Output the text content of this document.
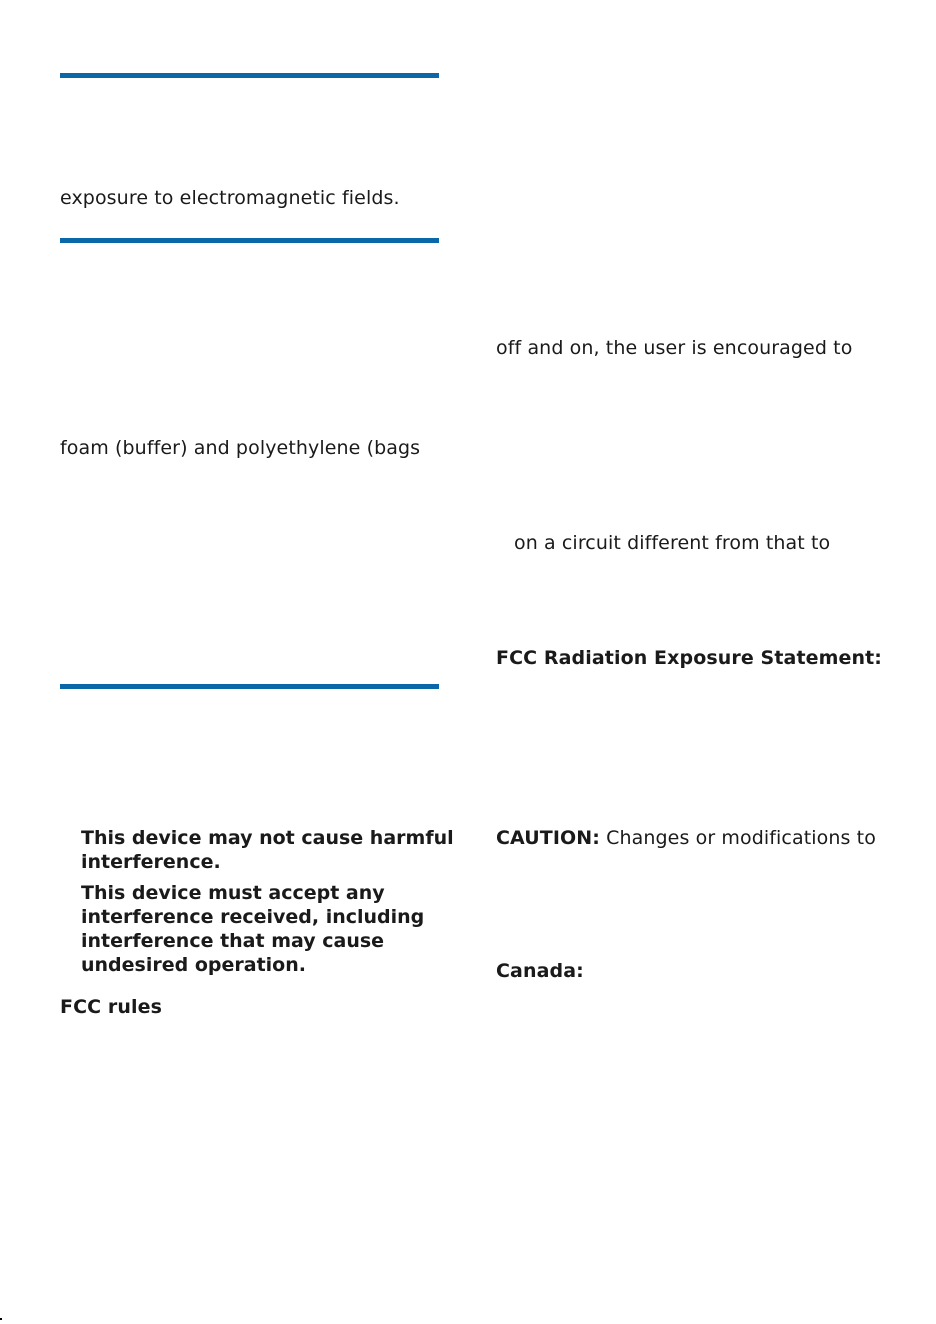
exposure to electromagnetic fields.
foam (buffer) and polyethylene (bags
This device may not cause harmful
interference.
This device must accept any
interference received, including
interference that may cause
undesired operation.
FCC rules
off and on, the user is encouraged to
on a circuit different from that to
FCC Radiation Exposure Statement:
CAUTION: Changes or modifications to
Canada:
